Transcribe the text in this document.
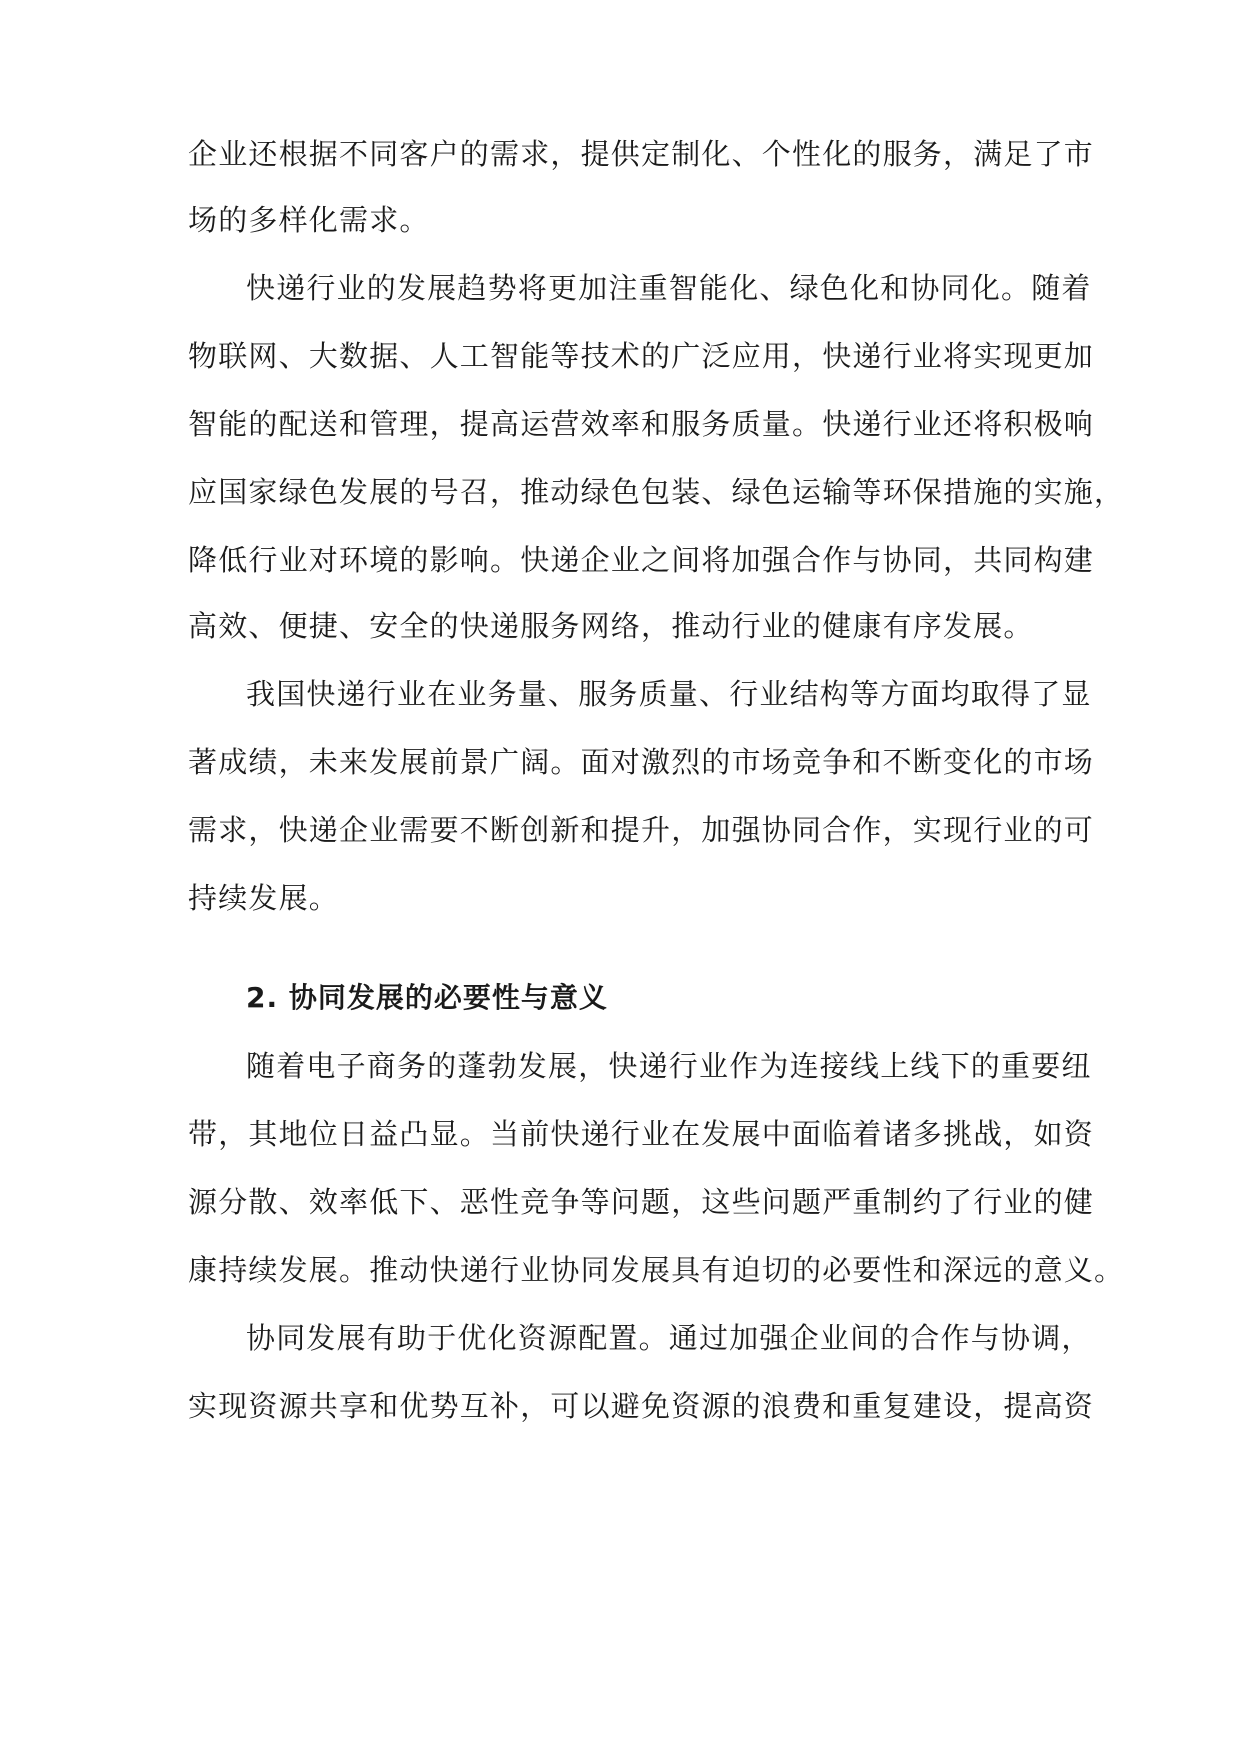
企业还根据不同客户的需求，提供定制化、个性化的服务，满足了市
场的多样化需求。
快递行业的发展趋势将更加注重智能化、绿色化和协同化。随着
物联网、大数据、人工智能等技术的广泛应用，快递行业将实现更加
智能的配送和管理，提高运营效率和服务质量。快递行业还将积极响
应国家绿色发展的号召，推动绿色包装、绿色运输等环保措施的实施，
降低行业对环境的影响。快递企业之间将加强合作与协同，共同构建
高效、便捷、安全的快递服务网络，推动行业的健康有序发展。
我国快递行业在业务量、服务质量、行业结构等方面均取得了显
著成绩，未来发展前景广阔。面对激烈的市场竞争和不断变化的市场
需求，快递企业需要不断创新和提升，加强协同合作，实现行业的可
持续发展。
2. 协同发展的必要性与意义
随着电子商务的蓬勃发展，快递行业作为连接线上线下的重要纽
带，其地位日益凸显。当前快递行业在发展中面临着诸多挑战，如资
源分散、效率低下、恶性竞争等问题，这些问题严重制约了行业的健
康持续发展。推动快递行业协同发展具有迫切的必要性和深远的意义。
协同发展有助于优化资源配置。通过加强企业间的合作与协调，
实现资源共享和优势互补，可以避免资源的浪费和重复建设，提高资
